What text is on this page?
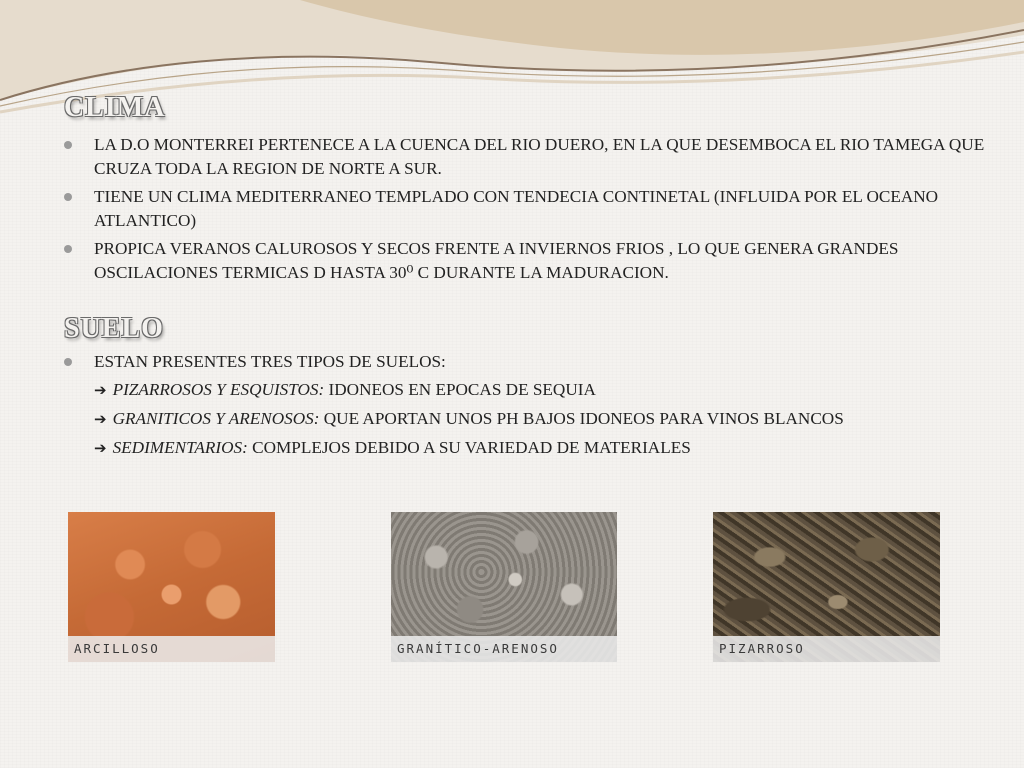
CLIMA
LA D.O MONTERREI PERTENECE A LA CUENCA DEL RIO DUERO, EN LA QUE DESEMBOCA EL RIO TAMEGA QUE CRUZA TODA LA REGION DE NORTE A SUR.
TIENE UN CLIMA MEDITERRANEO TEMPLADO CON TENDECIA CONTINETAL (INFLUIDA POR EL OCEANO ATLANTICO)
PROPICA VERANOS CALUROSOS Y SECOS FRENTE A INVIERNOS FRIOS , LO QUE GENERA GRANDES OSCILACIONES TERMICAS D HASTA 30⁰ C DURANTE LA MADURACION.
SUELO
ESTAN PRESENTES TRES TIPOS DE SUELOS:
➔ PIZARROSOS Y ESQUISTOS: IDONEOS EN EPOCAS DE SEQUIA
➔ GRANITICOS Y ARENOSOS: QUE APORTAN UNOS PH BAJOS IDONEOS PARA VINOS BLANCOS
➔ SEDIMENTARIOS: COMPLEJOS DEBIDO A SU VARIEDAD DE MATERIALES
ARCILLOSO	GRANÍTICO-ARENOSO	PIZARROSO
